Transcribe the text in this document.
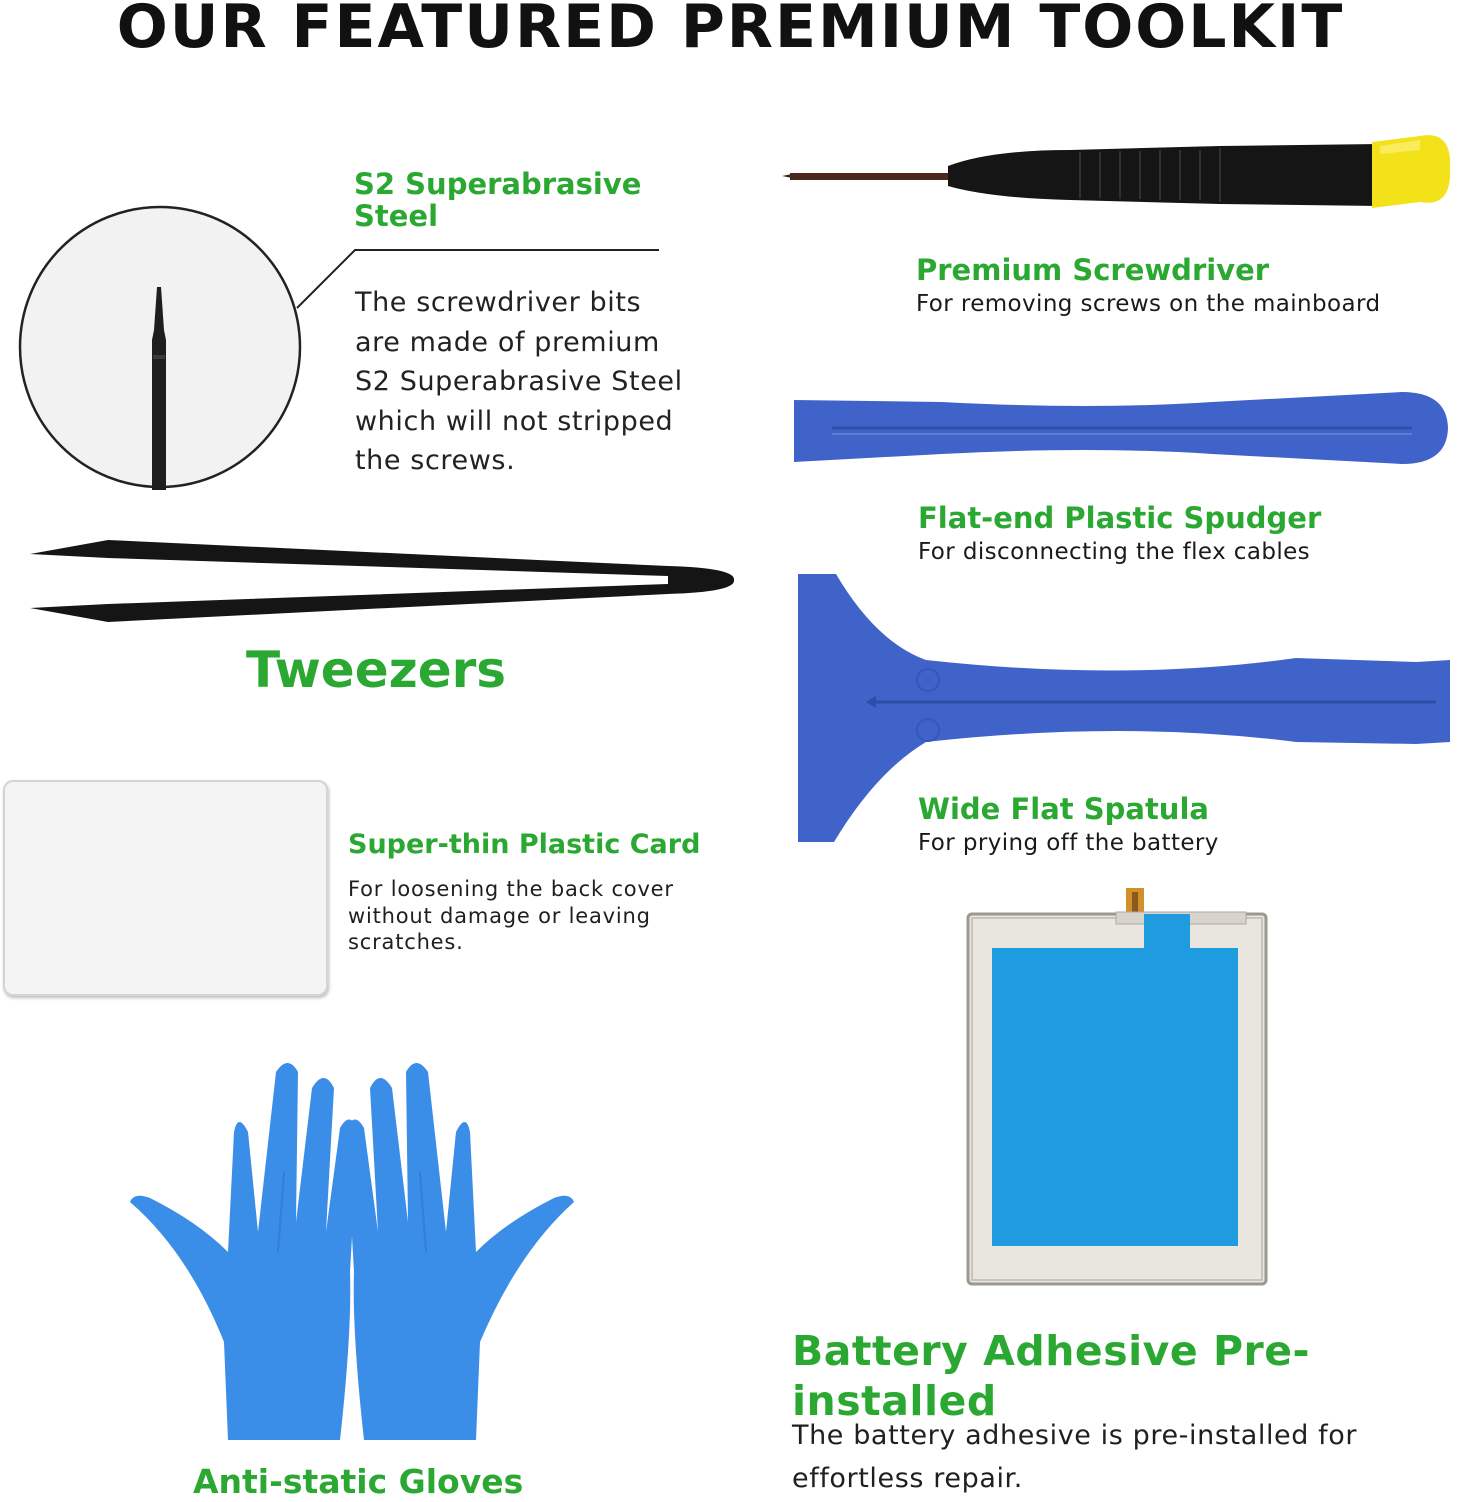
OUR FEATURED PREMIUM TOOLKIT
S2 Superabrasive
Steel
The screwdriver bits
are made of premium
S2 Superabrasive Steel
which will not stripped
the screws.
Premium Screwdriver
For removing screws on the mainboard
Flat-end Plastic Spudger
For disconnecting the flex cables
Tweezers
Wide Flat Spatula
For prying off the battery
Super-thin Plastic Card
For loosening the back cover
without damage or leaving
scratches.
Battery Adhesive Pre-installed
The battery adhesive is pre-installed for
effortless repair.
Anti-static Gloves
